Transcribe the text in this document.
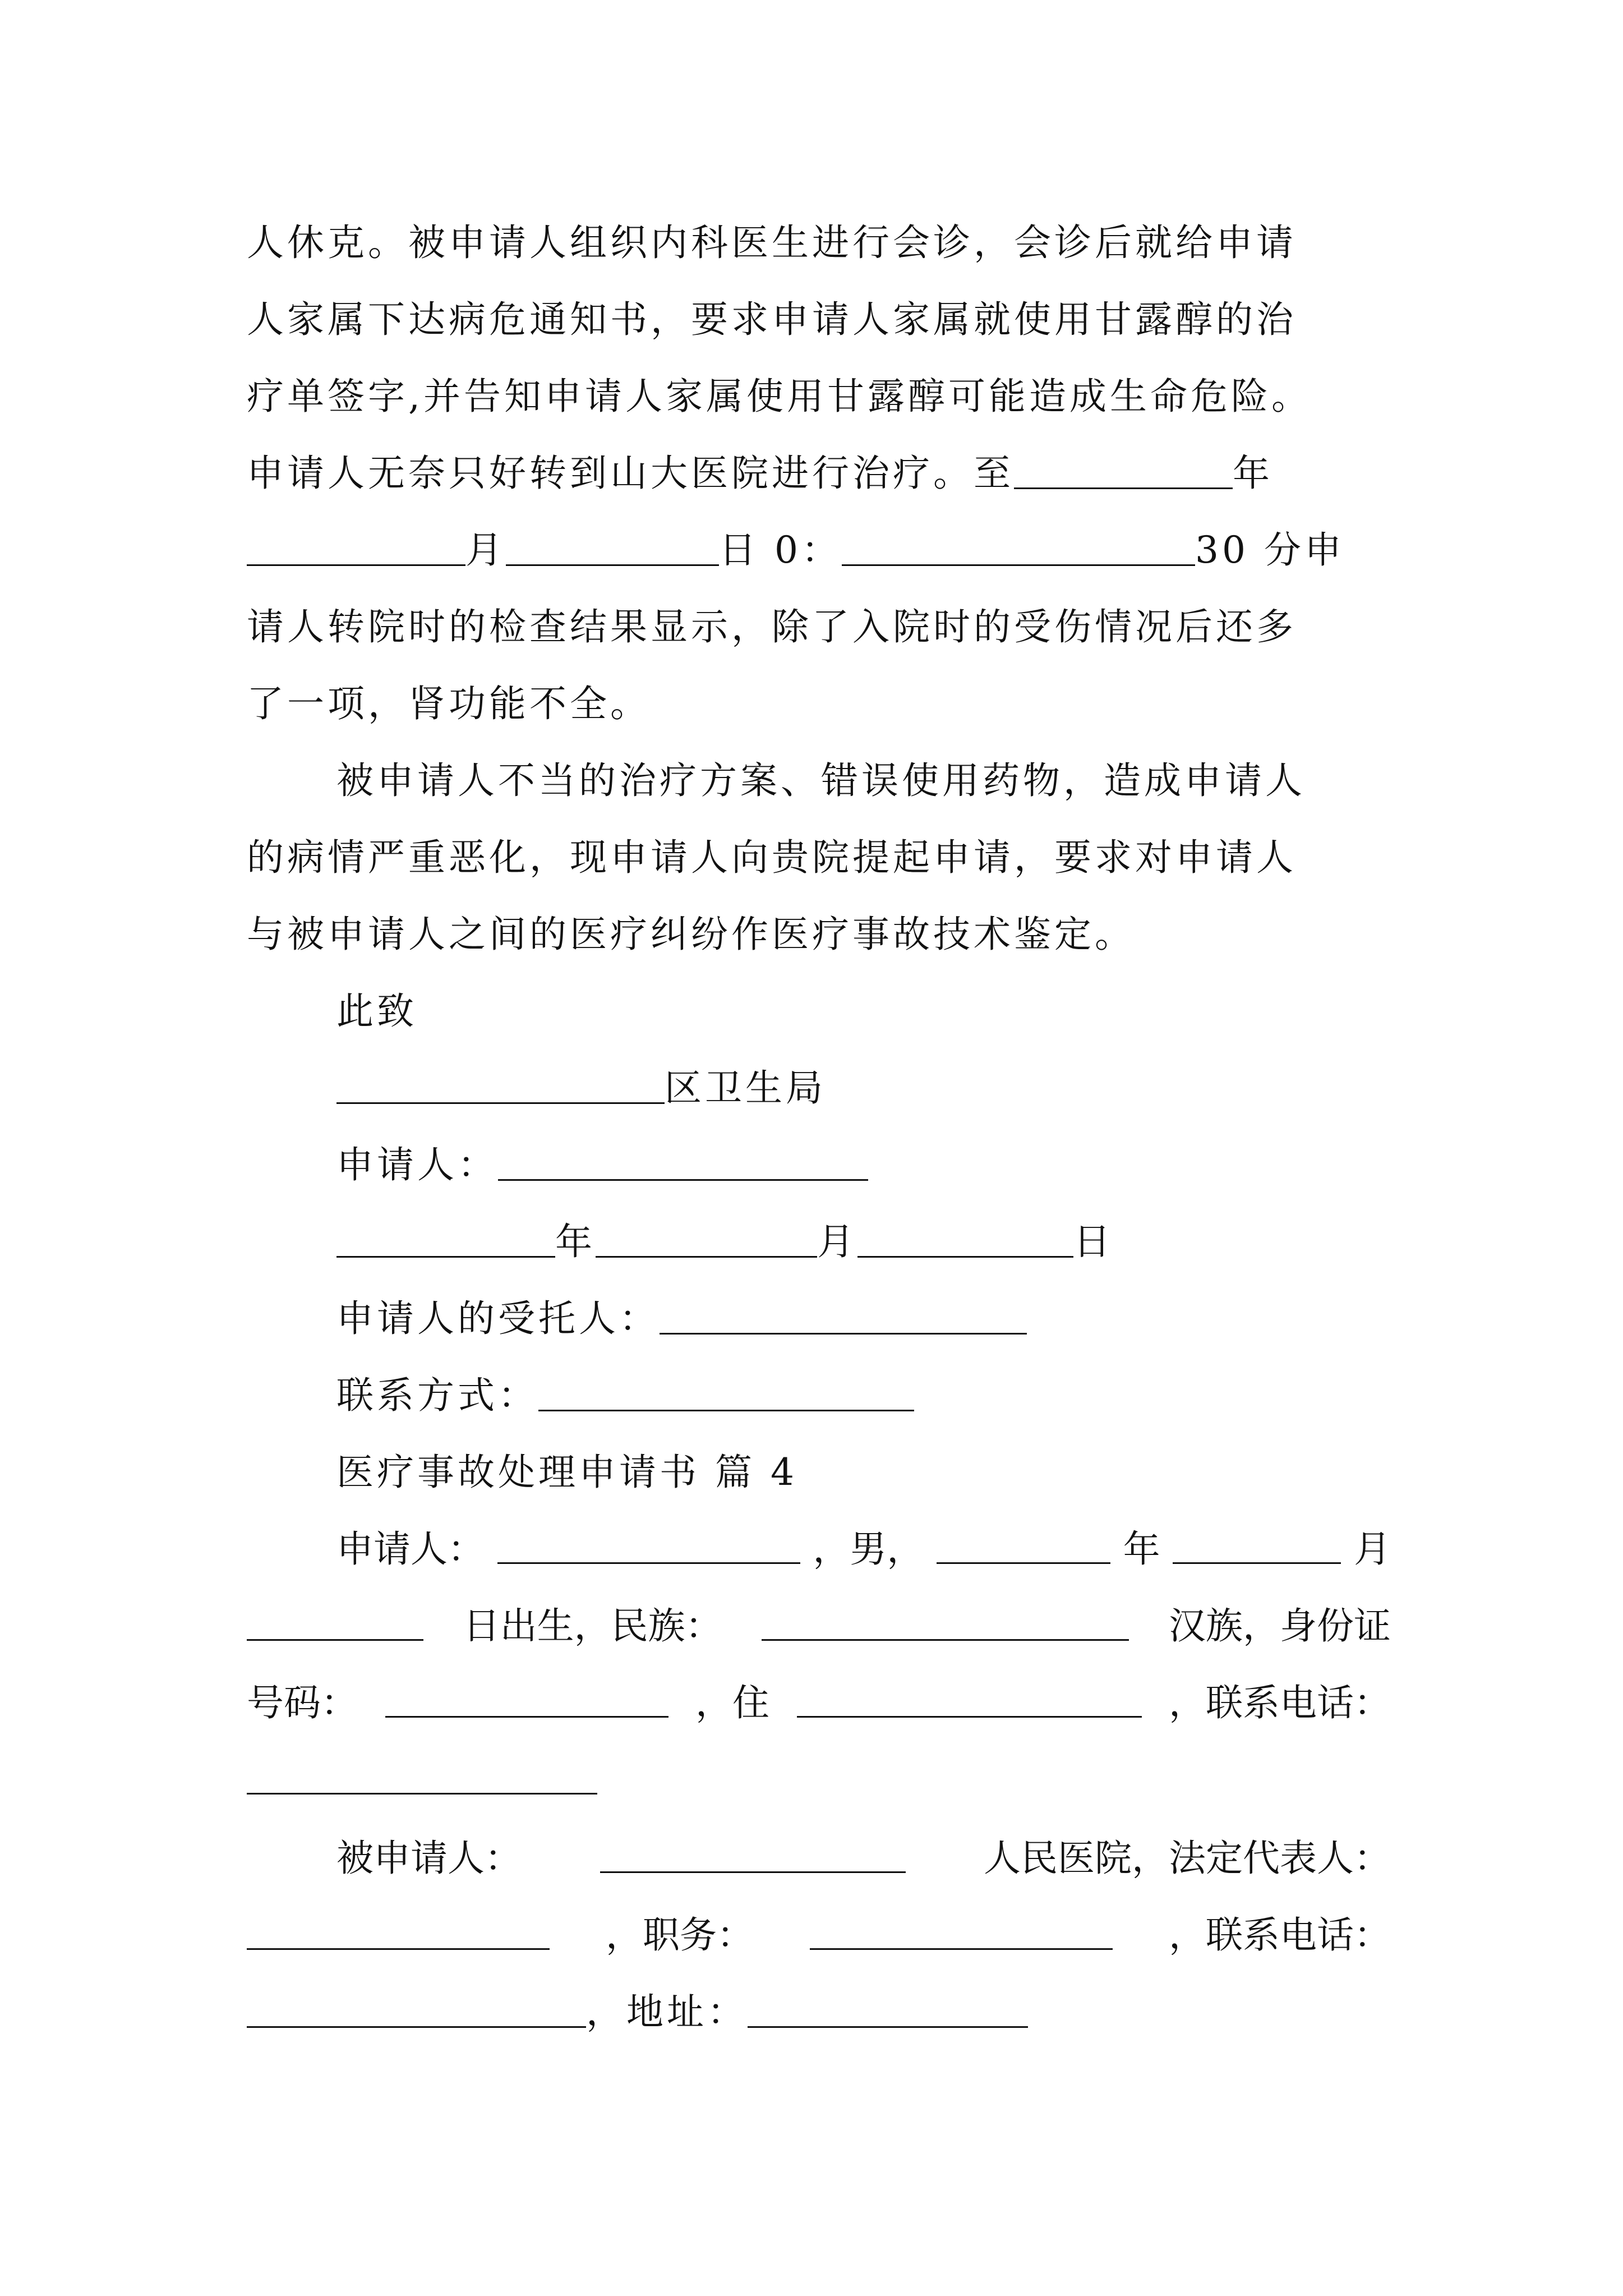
人休克。被申请人组织内科医生进行会诊，会诊后就给申请
人家属下达病危通知书，要求申请人家属就使用甘露醇的治
疗单签字,并告知申请人家属使用甘露醇可能造成生命危险。
申请人无奈只好转到山大医院进行治疗。至	年
月	日 0：	30 分申
请人转院时的检查结果显示，除了入院时的受伤情况后还多
了一项，肾功能不全。
被申请人不当的治疗方案、错误使用药物，造成申请人
的病情严重恶化，现申请人向贵院提起申请，要求对申请人
与被申请人之间的医疗纠纷作医疗事故技术鉴定。
此致
区卫生局
申请人：
年	月	日
申请人的受托人：
联系方式：
医疗事故处理申请书 篇 4
申请人：	，男，	年	月
日出生，民族：	汉族，身份证
号码：	，住	，联系电话：
被申请人：	人民医院，法定代表人：
，职务：	，联系电话：
，地址：
